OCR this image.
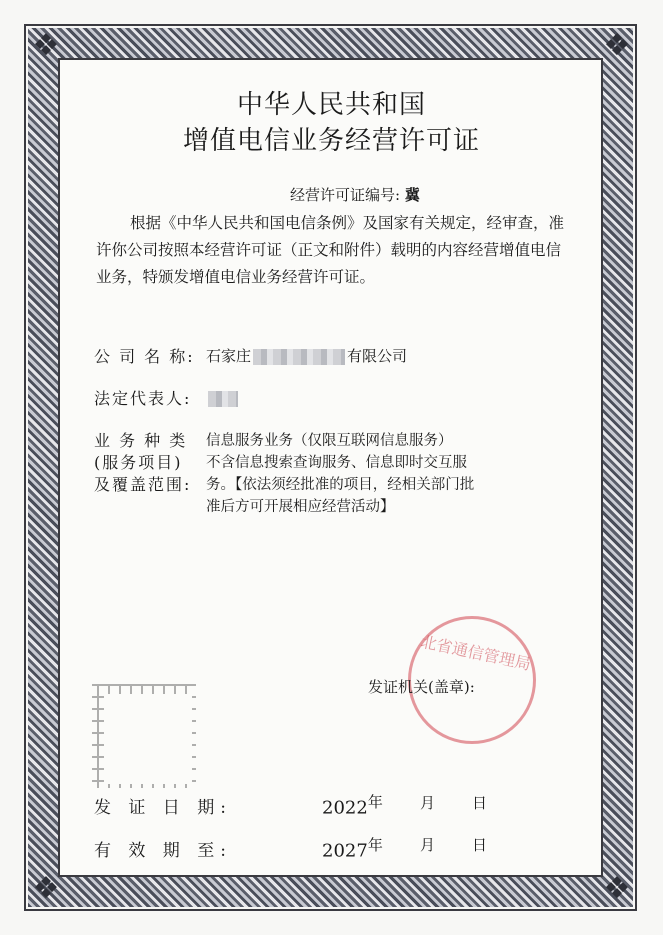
❖	❖
❖	❖
中华人民共和国
增值电信业务经营许可证
经营许可证编号: 冀
根据《中华人民共和国电信条例》及国家有关规定，经审查，准许你公司按照本经营许可证（正文和附件）载明的内容经营增值电信业务，特颁发增值电信业务经营许可证。
公 司 名 称: 石家庄	有限公司
法定代表人:
业 务 种 类
(服务项目)
及覆盖范围:
信息服务业务（仅限互联网信息服务）
不含信息搜索查询服务、信息即时交互服
务。【依法须经批准的项目，经相关部门批
准后方可开展相应经营活动】
北省通信管理局
发证机关(盖章):
发 证 日 期:	2022年 月 日
有 效 期 至:	2027年 月 日
